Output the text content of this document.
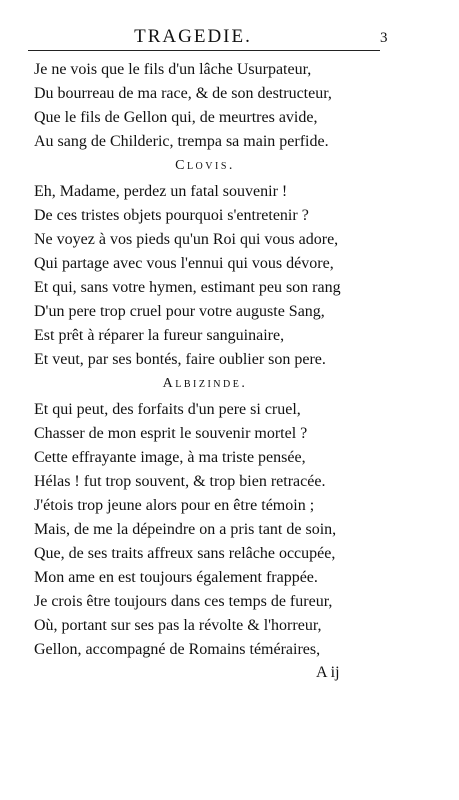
TRAGEDIE.	3
Je ne vois que le fils d'un lâche Usurpateur,
Du bourreau de ma race, & de son destructeur,
Que le fils de Gellon qui, de meurtres avide,
Au sang de Childeric, trempa sa main perfide.
Clovis.
Eh, Madame, perdez un fatal souvenir !
De ces tristes objets pourquoi s'entretenir ?
Ne voyez à vos pieds qu'un Roi qui vous adore,
Qui partage avec vous l'ennui qui vous dévore,
Et qui, sans votre hymen, estimant peu son rang
D'un pere trop cruel pour votre auguste Sang,
Est prêt à réparer la fureur sanguinaire,
Et veut, par ses bontés, faire oublier son pere.
Albizinde.
Et qui peut, des forfaits d'un pere si cruel,
Chasser de mon esprit le souvenir mortel ?
Cette effrayante image, à ma triste pensée,
Hélas ! fut trop souvent, & trop bien retracée.
J'étois trop jeune alors pour en être témoin ;
Mais, de me la dépeindre on a pris tant de soin,
Que, de ses traits affreux sans relâche occupée,
Mon ame en est toujours également frappée.
Je crois être toujours dans ces temps de fureur,
Où, portant sur ses pas la révolte & l'horreur,
Gellon, accompagné de Romains téméraires,
A ij
